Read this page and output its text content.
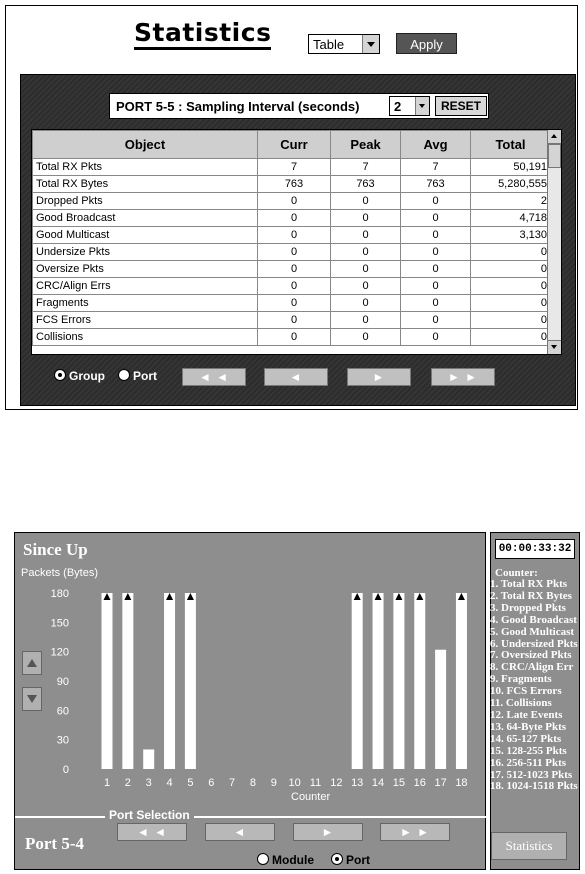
Statistics	Table	Apply
PORT 5-5 : Sampling Interval (seconds)	2	RESET
Object	Curr	Peak	Avg	Total
Total RX Pkts	7	7	7	50,191
Total RX Bytes	763	763	763	5,280,555
Dropped Pkts	0	0	0	2
Good Broadcast	0	0	0	4,718
Good Multicast	0	0	0	3,130
Undersize Pkts	0	0	0	0
Oversize Pkts	0	0	0	0
CRC/Align Errs	0	0	0	0
Fragments	0	0	0	0
FCS Errors	0	0	0	0
Collisions	0	0	0	0
Group	Port	◄ ◄	◄	►	► ►
0
30
60
90
120
150
180
1 2 3 4 5 6 7 8 9 10 11 12 13 14 15 16 17 18
Since Up
Packets (Bytes)
Counter
Port Selection
Port 5-4
◄ ◄	◄	►	► ►
Module	Port
00:00:33:32
Counter:
1. Total RX Pkts
2. Total RX Bytes
3. Dropped Pkts
4. Good Broadcast
5. Good Multicast
6. Undersized Pkts
7. Oversized Pkts
8. CRC/Align Err
9. Fragments
10. FCS Errors
11. Collisions
12. Late Events
13. 64-Byte Pkts
14. 65-127 Pkts
15. 128-255 Pkts
16. 256-511 Pkts
17. 512-1023 Pkts
18. 1024-1518 Pkts
Statistics
